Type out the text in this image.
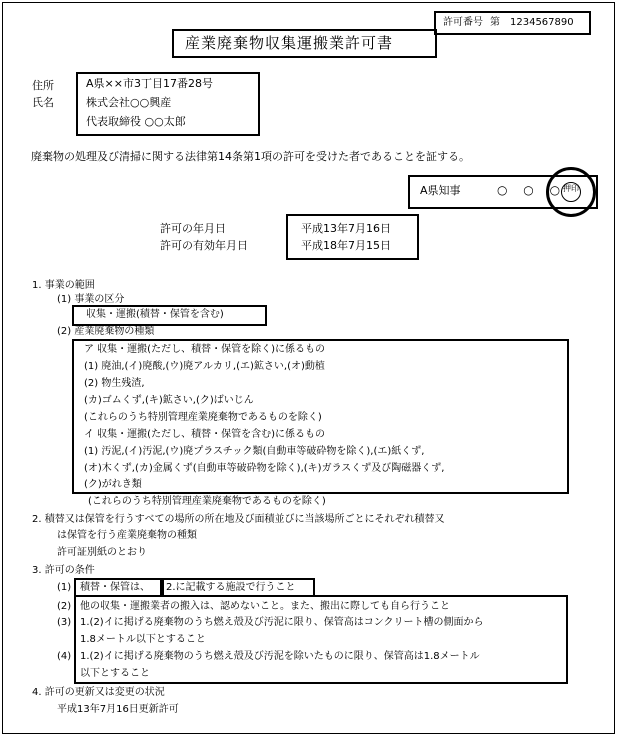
許可番号 第 1234567890
産業廃棄物収集運搬業許可書
住所
氏名
A県××市3丁目17番28号
株式会社○○興産
代表取締役 ○○太郎
廃棄物の処理及び清掃に関する法律第14条第1項の許可を受けた者であることを証する。
A県知事	○ ○ ○
押印
許可の年月日
許可の有効年月日
平成13年7月16日
平成18年7月15日
1. 事業の範囲
(1) 事業の区分
収集・運搬(積替・保管を含む)
(2) 産業廃棄物の種類
ア 収集・運搬(ただし、積替・保管を除く)に係るもの
(1) 廃油,(イ)廃酸,(ウ)廃アルカリ,(エ)鉱さい,(オ)動植
(2) 物生残渣,
(カ)ゴムくず,(キ)鉱さい,(ク)ばいじん
(これらのうち特別管理産業廃棄物であるものを除く)
イ 収集・運搬(ただし、積替・保管を含む)に係るもの
(1) 汚泥,(イ)汚泥,(ウ)廃プラスチック類(自動車等破砕物を除く),(エ)紙くず,
(オ)木くず,(カ)金属くず(自動車等破砕物を除く),(キ)ガラスくず及び陶磁器くず,
(ク)がれき類
(これらのうち特別管理産業廃棄物であるものを除く)
2. 積替又は保管を行うすべての場所の所在地及び面積並びに当該場所ごとにそれぞれ積替又
は保管を行う産業廃棄物の種類
許可証別紙のとおり
3. 許可の条件
(1) 積替・保管は、 2.に記載する施設で行うこと
(2) 他の収集・運搬業者の搬入は、認めないこと。また、搬出に際しても自ら行うこと
(3) 1.(2)イに掲げる廃棄物のうち燃え殻及び汚泥に限り、保管高はコンクリート槽の側面から
1.8メートル以下とすること
(4) 1.(2)イに掲げる廃棄物のうち燃え殻及び汚泥を除いたものに限り、保管高は1.8メートル
以下とすること
4. 許可の更新又は変更の状況
平成13年7月16日更新許可
